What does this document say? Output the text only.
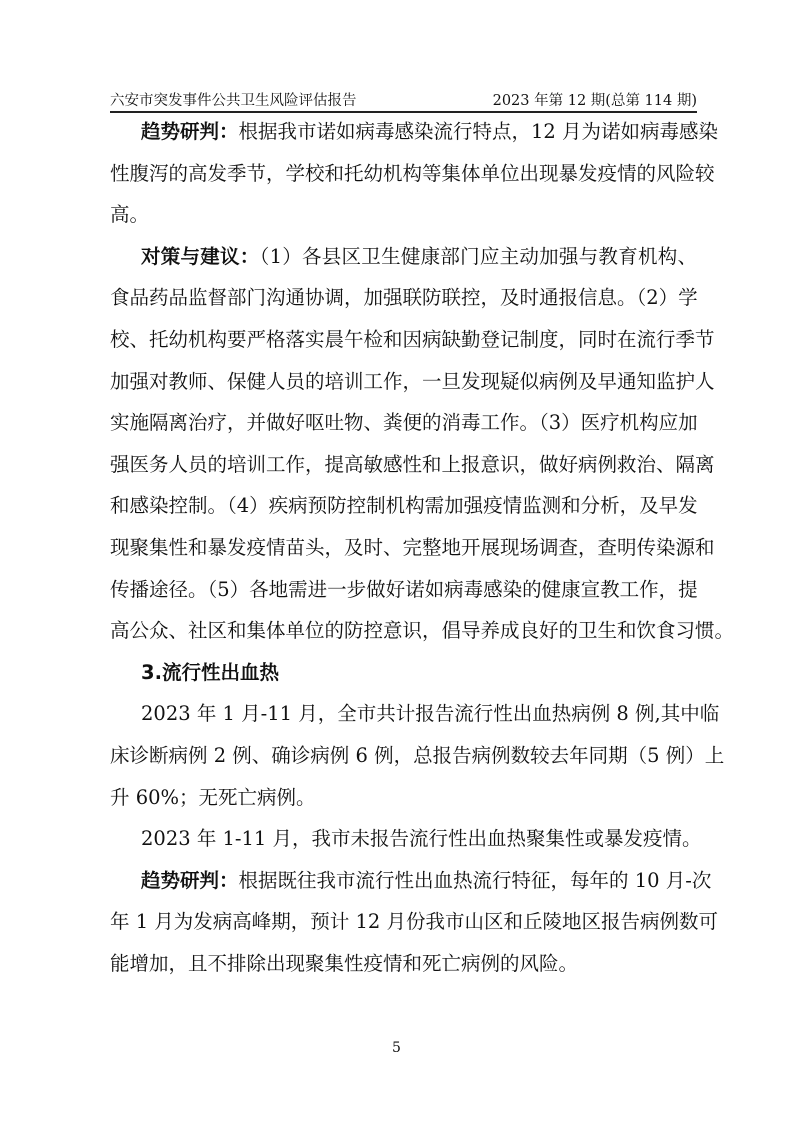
六安市突发事件公共卫生风险评估报告	2023 年第 12 期(总第 114 期)
趋势研判：根据我市诺如病毒感染流行特点，12 月为诺如病毒感染
性腹泻的高发季节，学校和托幼机构等集体单位出现暴发疫情的风险较
高。
对策与建议：（1）各县区卫生健康部门应主动加强与教育机构、
食品药品监督部门沟通协调，加强联防联控，及时通报信息。（2）学
校、托幼机构要严格落实晨午检和因病缺勤登记制度，同时在流行季节
加强对教师、保健人员的培训工作，一旦发现疑似病例及早通知监护人
实施隔离治疗，并做好呕吐物、粪便的消毒工作。（3）医疗机构应加
强医务人员的培训工作，提高敏感性和上报意识，做好病例救治、隔离
和感染控制。（4）疾病预防控制机构需加强疫情监测和分析，及早发
现聚集性和暴发疫情苗头，及时、完整地开展现场调查，查明传染源和
传播途径。（5）各地需进一步做好诺如病毒感染的健康宣教工作，提
高公众、社区和集体单位的防控意识，倡导养成良好的卫生和饮食习惯。
3.流行性出血热
2023 年 1 月-11 月，全市共计报告流行性出血热病例 8 例,其中临
床诊断病例 2 例、确诊病例 6 例，总报告病例数较去年同期（5 例）上
升 60%；无死亡病例。
2023 年 1-11 月，我市未报告流行性出血热聚集性或暴发疫情。
趋势研判：根据既往我市流行性出血热流行特征，每年的 10 月-次
年 1 月为发病高峰期，预计 12 月份我市山区和丘陵地区报告病例数可
能增加，且不排除出现聚集性疫情和死亡病例的风险。
5
